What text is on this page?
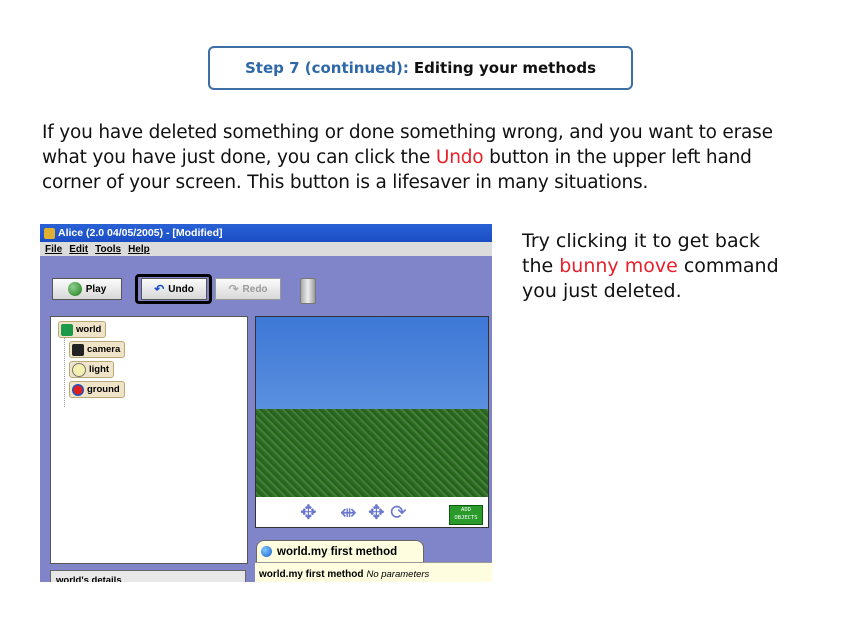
Step 7 (continued): Editing your methods
If you have deleted something or done something wrong, and you want to erase what you have just done, you can click the Undo button in the upper left hand corner of your screen. This button is a lifesaver in many situations.
Try clicking it to get back the bunny move command you just deleted.
Alice (2.0 04/05/2005) - [Modified]
File Edit Tools Help
Play	↶ Undo	↷ Redo
world
camera
light
ground
world's details
✥ ⇼ ✥ ⟳	ADD OBJECTS
world.my first method
world.my first method No parameters
